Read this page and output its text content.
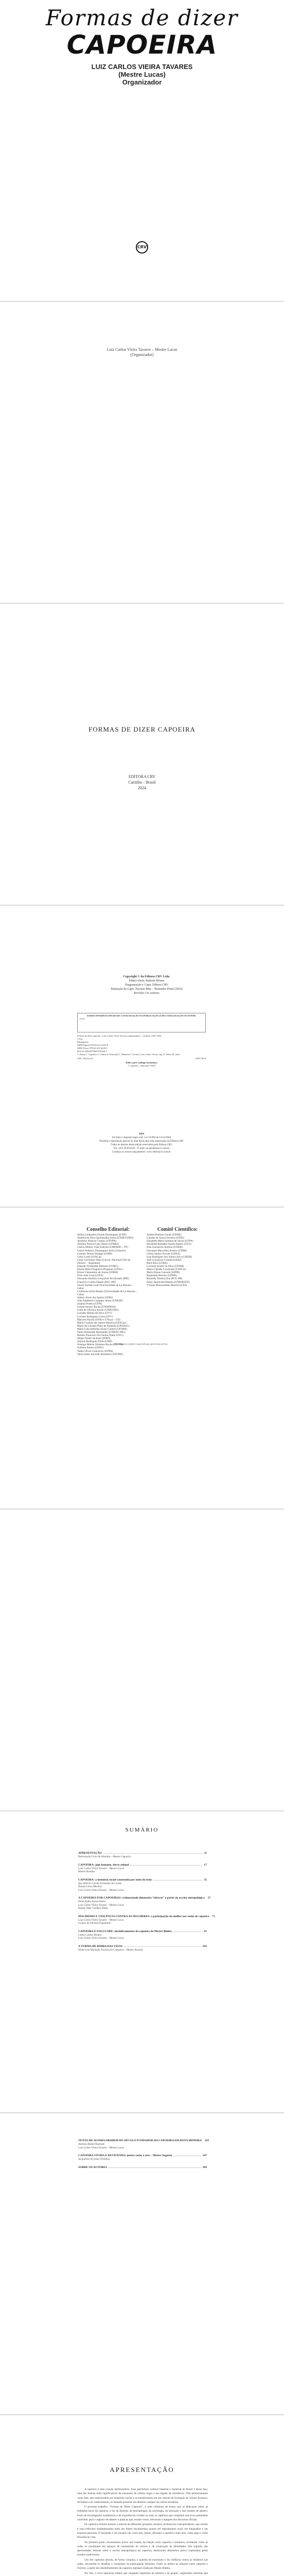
Formas de dizer
CAPOEIRA
LUIZ CARLOS VIEIRA TAVARES
(Mestre Lucas)
Organizador
CRV
Luiz Carlos Vieira Tavares – Mestre Lucas
(Organizador)
FORMAS DE DIZER CAPOEIRA
EDITORA CRV
Curitiba – Brasil
2024
Copyright © da Editora CRV Ltda.
Editor-chefe: Railson Moura
Diagramação e Capa: Editora CRV
Ilustração de Capa: Tarcisio Bini – Ilustrador Pinni (2024)
Revisão: Os Autores
DADOS INTERNACIONAIS DE CATALOGAÇÃO NA PUBLICAÇÃO (CIP) CATALOGAÇÃO NA FONTE
F723
Formas de dizer capoeira / Luiz Carlos Vieira Tavares (organizador) – Curitiba: CRV, 2024.
174 p.
Bibliografia
ISBN Digital 978-65-251-6225-8
ISBN Físico 978-65-251-6226-5
DOI 10.24824/978652516226.5
1. Dança 2. Capoeira 3. Cultura 4. Educação 5. Memória I. Tavares, Luiz Carlos Vieira, org. II. Título III. Série
CDU 796.012.62	CDD 796.8
Índice para catálogo sistemático
1. Capoeira – Educação 796.8
2024
Foi feito o depósito legal conf. Lei 10.994 de 14/12/2004
Proibida a reprodução parcial ou total desta obra sem autorização da Editora CRV
Todos os direitos desta edição reservados pela Editora CRV
Tel.: (41) 3039-6418 – E-mail: sac@editoracrv.com.br
Conheça os nossos lançamentos: www.editoracrv.com.br
Conselho Editorial:
Aldira Guimarães Duarte Domínguez (UNB)
Andréia da Silva Quintanilha Sousa (UNIR/UFRN)
Anselmo Alencar Colares (UFOPA)
Antônio Pereira Gaio Júnior (UFRRJ)
Carlos Alberto Vilar Estêvão (UMINHO – PT)
Carlos Federico Dominguez Avila (Unieuro)
Carmen Tereza Velanga (UNIR)
Celso Conti (UFSCar)
Cesar Gerónimo Tello (Univer. Nacional Três de Febrero – Argentina)
Eduardo Fernandes Barbosa (UFMG)
Elione Maria Nogueira Diogenes (UFAL)
Elizeu Clementino de Souza (UNEB)
Élsio José Corá (UFFS)
Fernando Antônio Gonçalves Alcoforado (IPB)
Francisco Carlos Duarte (PUC-PR)
Gloria Fariñas León (Universidade de La Havana – Cuba)
Guillermo Arias Beatón (Universidade de La Havana – Cuba)
Jailson Alves dos Santos (UFRJ)
João Adalberto Campato Junior (UNESP)
Josania Portela (UFPI)
Leonel Severo Rocha (UNISINOS)
Lídia de Oliveira Xavier (UNIEURO)
Lourdes Helena da Silva (UFV)
Luciano Rodrigues Costa (UFV)
Marcelo Paixão (UFRJ e UTexas – US)
Maria Cristina dos Santos Bezerra (UFSCar)
Maria de Lourdes Pinto de Almeida (UNOESC)
Maria Lília Imbiriba Sousa Colares (UFOPA)
Paulo Romualdo Hernandes (UNIFAL-MG)
Renato Francisco dos Santos Paula (UFG)
Sérgio Nunes de Jesus (IFRO)
Simone Rodrigues Pinto (UNB)
Solange Helena Ximenes-Rocha (UFOPA)
Sydione Santos (UEPG)
Tadeu Oliver Gonçalves (UFPA)
Tania Suely Azevedo Brasileiro (UFOPA)
Comitê Científico:
Andrea Bárbara Gentil (UFMS)
Claudia de Souza Teixeira (UFRJ)
Elizabeth Maria Santana de Souza (UFPA)
Elizabeth Ramalho Soares Bastos (UFU)
Elsa Gonçalves Avelino (UNEB)
Fernando Marcelino Pereira (UFRB)
Gleisa Santos Novaes (UFBA)
Ivan Rodrigues dos Santos Silva (UNEB)
José Gonçalves Gondra (UERJ)
Kelli Rios (UFBA)
Lucineia Soares da Silva (UFAM)
Maria Cláudia Cavalcanti (UFSCar)
Maria Eliane Gazzola (UFPR)
Reginaldo Peixoto (UEMS)
Romilda Teodora Ens (PUC-PR)
Suely Aparecida Martins (UNIOESTE)
Viviane Mascarenhas Moreira (UFS)
Este livro foi avaliado e aprovado por pareceristas ad hoc.
SUMÁRIO
APRESENTAÇÃO	11
Reinvenção Ciclo de Abreuba – Mestre Capoeira
CAPOEIRA: jogo humano, dorso animal	17
Luiz Carlos Vieira Tavares – Mestre Lucas
Mestre Brasília
CAPOEIRA: a memória social construída por meio da roda	35
Igor Márcio Corrêa Fernandes da Cunha
Renata Lima (Mestra)
Luiz Carlos Vieira Tavares – Mestre Lucas
A CAPOEIRA POR CAPOEIRAS: evidenciando dimensões “ofuscas” a partir da escrita antropológica 57
Pedro Pablo Souza Abreu
Luiz Carlos Vieira Tavares – Mestre Lucas
Rejane Dias Cordeiro Bitão
MACHISMO E VIOLÊNCIA CONTRA AS MULHERES: a participação da mulher nas rodas de capoeira 71
Luiz Carlos Vieira Tavares – Mestre Lucas
Ivanice de Oliveira Figueirêdo
CAPOEIRA E FOLCLORE: desdobramentos da capoeira do Mestre Bimba	91
Cintia Comby Beatriz
Luiz Carlos Vieira Tavares – Mestre Lucas
A TURMA DE BIMBA DAS VEIAS	103
Hidra Leal Machado Ferreira da Cerqueira – Mestre Brasília
TEXTO DE ALINHA ORSHEM DO SÉCULO FUNDADOR DA CAPOEIRA EM ROTA MINEIRA 119
Antônio Rafael Rezende
Luiz Carlos Vieira Tavares – Mestre Lucas
CAPOEIRA VIVIDA E REVIVENDA: poeira como a arte – Mestre Augusto	147
Jacqueline de Jesus (Tirtinha)
SOBRE OS AUTORES	169
APRESENTAÇÃO

A capoeira é uma criação afrobrasileira. Esse patrimônio cultural material e imaterial do Brasil é desse tipo, uma das formas mais significativas de expressão da cultura negra e seu legado de resistência. Tida primeiramente como luta, tem transcendido seu propósito inicial e se transformado em um veículo de formação de valores diversos, de beleza e de conhecimento, se fazendo presente em distintos campos da cultura brasileira.

O presente trabalho, “Formas de Dizer Capoeira”, é uma coletânea de textos que se debruçam sobre as múltiplas faces da capoeira, à luz da história, da antropologia, da sociologia, da educação e dos estudos de gênero. Fruto de investigações acadêmicas e de experiências vividas na roda, os capítulos que compõem este livro pretendem contribuir para o registro de saberes e práticas que, muitas vezes, estiveram à margem dos discursos oficiais.

Os capítulos reúnem autores e autoras de diferentes gerações, mestres, professores e pesquisadores, que trazem à tona reflexões fundamentadas tanto em fontes documentais quanto em depoimentos orais, em fotografias e em arquivos pessoais. O resultado é um mosaico de vozes que, juntas, afirmam a capoeira como arte, como jogo e como filosofia de vida.

Na primeira parte, encontramos textos que tratam da relação entre capoeira e memória, revelando como as rodas se constituem em espaços de transmissão de valores e de construção de identidades. Em seguida, são apresentadas leituras sobre a escrita antropológica da capoeira, destacando dimensões pouco exploradas pelos estudos tradicionais.

Um dos capítulos aborda, de forma corajosa, a questão do machismo e da violência contra as mulheres nas rodas, discutindo os desafios e conquistas da participação feminina. Outro se dedica às relações entre capoeira e folclore, a partir dos desdobramentos da capoeira regional criada por Mestre Bimba.

Por fim, o livro apresenta relatos que resgatam trajetórias de mestres e de grupos, registrando histórias que
